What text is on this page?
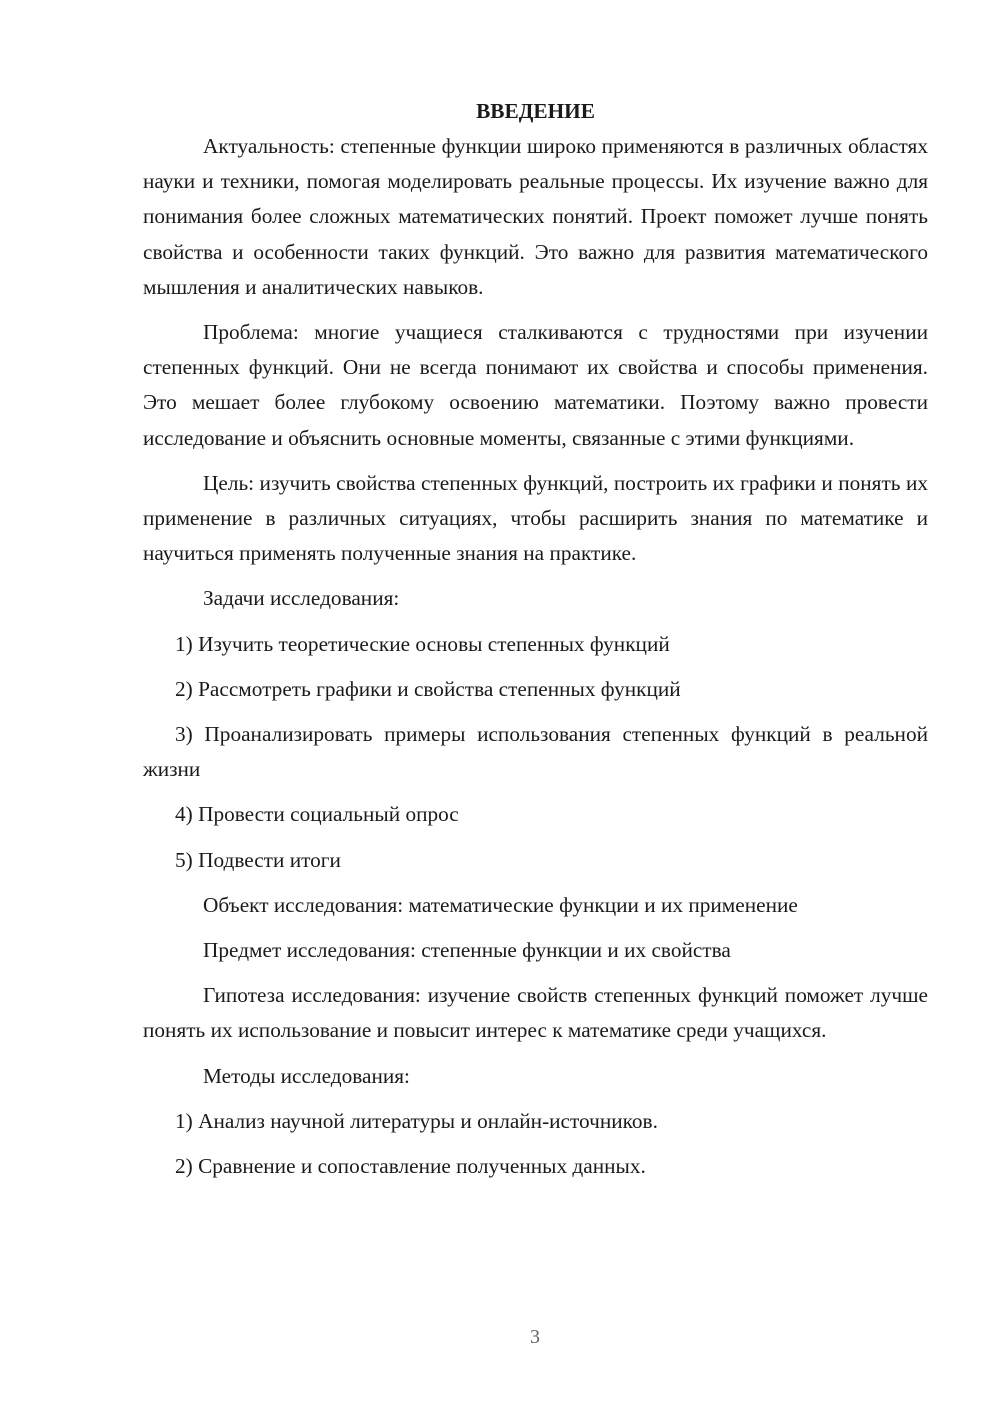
ВВЕДЕНИЕ

Актуальность: степенные функции широко применяются в различных областях науки и техники, помогая моделировать реальные процессы. Их изучение важно для понимания более сложных математических понятий. Проект поможет лучше понять свойства и особенности таких функций. Это важно для развития математического мышления и аналитических навыков.

Проблема: многие учащиеся сталкиваются с трудностями при изучении степенных функций. Они не всегда понимают их свойства и способы применения. Это мешает более глубокому освоению математики. Поэтому важно провести исследование и объяснить основные моменты, связанные с этими функциями.

Цель: изучить свойства степенных функций, построить их графики и понять их применение в различных ситуациях, чтобы расширить знания по математике и научиться применять полученные знания на практике.

Задачи исследования:

1) Изучить теоретические основы степенных функций

2) Рассмотреть графики и свойства степенных функций

3) Проанализировать примеры использования степенных функций в реальной жизни

4) Провести социальный опрос

5) Подвести итоги

Объект исследования: математические функции и их применение

Предмет исследования: степенные функции и их свойства

Гипотеза исследования: изучение свойств степенных функций поможет лучше понять их использование и повысит интерес к математике среди учащихся.

Методы исследования:

1) Анализ научной литературы и онлайн-источников.

2) Сравнение и сопоставление полученных данных.

3
